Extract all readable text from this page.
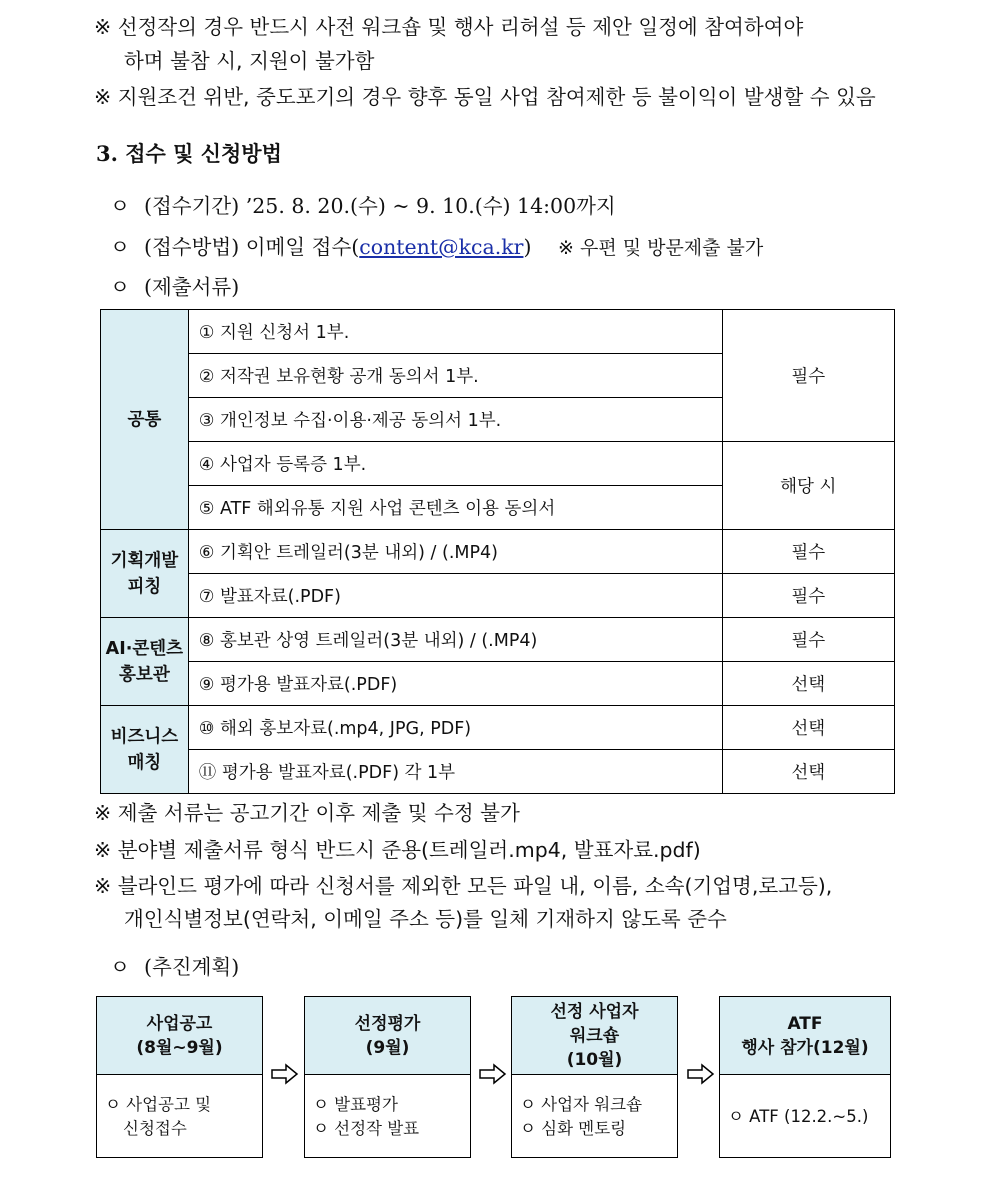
※ 선정작의 경우 반드시 사전 워크숍 및 행사 리허설 등 제안 일정에 참여하여야
하며 불참 시, 지원이 불가함
※ 지원조건 위반, 중도포기의 경우 향후 동일 사업 참여제한 등 불이익이 발생할 수 있음
3. 접수 및 신청방법
ㅇ (접수기간) ’25. 8. 20.(수) ~ 9. 10.(수) 14:00까지
ㅇ (접수방법) 이메일 접수(content@kca.kr) ※ 우편 및 방문제출 불가
ㅇ (제출서류)
공통	① 지원 신청서 1부.	필수
	② 저작권 보유현황 공개 동의서 1부.	
	③ 개인정보 수집·이용·제공 동의서 1부.	
	④ 사업자 등록증 1부.	해당 시
	⑤ ATF 해외유통 지원 사업 콘텐츠 이용 동의서	

기획개발
피칭	⑥ 기획안 트레일러(3분 내외) / (.MP4)	필수
	⑦ 발표자료(.PDF)	필수

AI·콘텐츠
홍보관	⑧ 홍보관 상영 트레일러(3분 내외) / (.MP4)	필수
	⑨ 평가용 발표자료(.PDF)	선택

비즈니스
매칭	⑩ 해외 홍보자료(.mp4, JPG, PDF)	선택
	⑪ 평가용 발표자료(.PDF) 각 1부	선택
※ 제출 서류는 공고기간 이후 제출 및 수정 불가
※ 분야별 제출서류 형식 반드시 준용(트레일러.mp4, 발표자료.pdf)
※ 블라인드 평가에 따라 신청서를 제외한 모든 파일 내, 이름, 소속(기업명,로고등),
개인식별정보(연락처, 이메일 주소 등)를 일체 기재하지 않도록 준수
ㅇ (추진계획)
사업공고
(8월~9월)
ㅇ 사업공고 및
신청접수
선정평가
(9월)
ㅇ 발표평가
ㅇ 선정작 발표
선정 사업자
워크숍
(10월)
ㅇ 사업자 워크숍
ㅇ 심화 멘토링
ATF
행사 참가(12월)
ㅇ ATF (12.2.~5.)
